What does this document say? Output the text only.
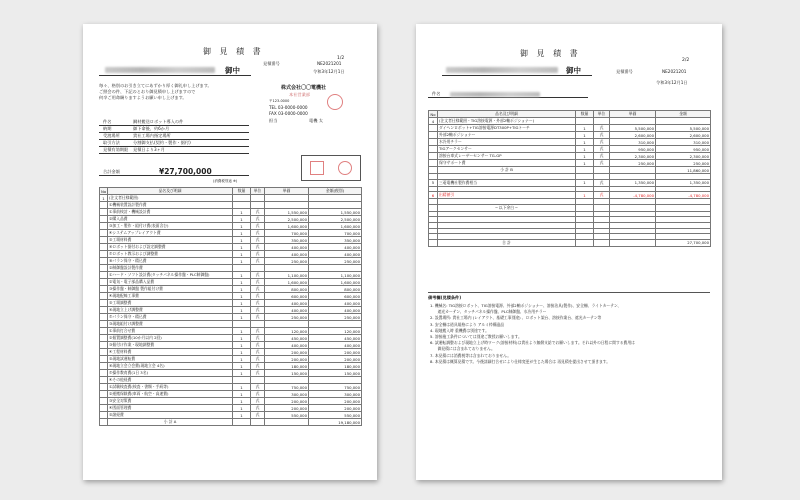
御 見 積 書
1/2
御中
見積番号	NE2021201
令和3年12月1日
毎々、格別のお引き立てにあずかり厚く御礼申し上げます。
ご照会の件、下記のとおり御見積申し上げますので
何卒ご用命賜りますようお願い申し上げます。
株式会社〇〇電機社
本社営業部
〒123-0000
TEL 03-0000-0000
FAX 03-0000-0000
担当	電機 太
件名	鋼材搬送ロボット導入の件
納期	御下命後、約6か月
受渡場所	貴社工場内指定場所
取引方法	分割御支払(契約・製作・据付)
見積有効期限 見積日より3ヶ月
合計金額	¥27,700,000
(消費税別途 ※)
No	品名及び明細	数量	単位	単価	金額(税別)
1	(注文者仕様範囲)				
	①機械装置設計製作費				
	①事前検討・機械設計費	1	式	1,550,000	1,550,000
	②購入品費	1	式	2,500,000	2,500,000
	③加工・製作・組付け費(表面含む)	1	式	1,600,000	1,600,000
	④システムアップレイアウト費	1	式	700,000	700,000
	⑤工場材料費	1	式	350,000	350,000
	⑥ロボット据付および設定調整費	1	式	400,000	400,000
	⑦ロボット教示および調整費	1	式	400,000	400,000
	⑧パラン保守・精込費	1	式	250,000	250,000
	②制御盤設計製作費				
	①ハード・ソフト設計費(タッチパネル操作盤・PLC制御盤)	1	式	1,100,000	1,100,000
	②電気・電子部品購入品費	1	式	1,600,000	1,600,000
	③操作盤・制御盤 製作組付け費	1	式	800,000	800,000
	④現地配線工事費	1	式	600,000	600,000
	⑤工場調整費	1	式	400,000	400,000
	⑥現地立上げ調整費	1	式	400,000	400,000
	⑦パラン保守・精込費	1	式	250,000	250,000
	③現地組付け調整費				
	①事前打合せ費	1	式	120,000	120,000
	②据置調整費(10か月以内 2回)	1	式	450,000	450,000
	③据付け作業・現地調整費	1	式	400,000	400,000
	④工程材料費	1	式	200,000	200,000
	⑤現地試運転費	1	式	200,000	200,000
	⑥現地立会立会費(現地立会 4名)	1	式	180,000	180,000
	⑦操作教育費(1日 3名)	1	式	150,000	150,000
	④その他経費				
	①試験検査費(検査・書類・手続等)	1	式	750,000	750,000
	②運搬保険費(車両・航空・高速費)	1	式	300,000	300,000
	③安全対策費	1	式	200,000	200,000
	④図面管理費	1	式	200,000	200,000
	⑤諸経費	1	式	550,000	550,000
	小 計 A				19,180,000
御 見 積 書
2/2
御中	見積番号	NE2021201
令和3年12月1日
件名
No	品名及び明細	数量	単位	単価	金額
4	(注文者仕様範囲・TIG溶接電源・外部2軸ポジショナー)				
	ダイヘンロボット+TIG溶接電源DT300P+TIGトーチ	1	式	5,500,000	5,500,000
	外部2軸ポジショナー	1	式	2,600,000	2,600,000
	水冷用チラー	1	式	310,000	310,000
	TIGアークセンサー	1	式	950,000	950,000
	溶接台車式レーザーセンサー TG-GP	1	式	2,300,000	2,300,000
	保守サポート費	1	式	250,000	250,000
	小 計 B				11,860,000

5	三菱電機社製作費相当	1	式	1,350,000	1,350,000

6	出精値引	1	式	-4,780,000	-4,780,000

	─ 以下余白 ─				

	合 計				27,700,000
備考欄(見積条件)
1. 機械名: TIG溶接ロボット、TIG溶接電源、外部2軸ポジショナー、溶接治具(製作)、安全柵、ライトカーテン、
　　遮光カーテン、タッチパネル操作盤、PLC制御盤、水冷用チラー
2. 設置場所: 貴社工場内 (レイアウト、基礎工事別途) 、ロボット架台、溶接作業台、遮光カーテン等
3. 安全柵は道具規格により アルミ枠構造品
4. 現地搬入時 重機費は別途です。
5. 溶接施工条件については別途ご教授お願いします。
6. 試運転調整および現地立上げ時ワーク(溶接材料)は貴社より無償支給でお願いします。それ以外の日程に関する費用は
　　御見積には含まれておりません。
7. 本見積には消費税等は含まれておりません。
8. 本見積は概算見積です。今後詳細打合せにより仕様変更が生じた場合は 再見積を提出させて頂きます。
